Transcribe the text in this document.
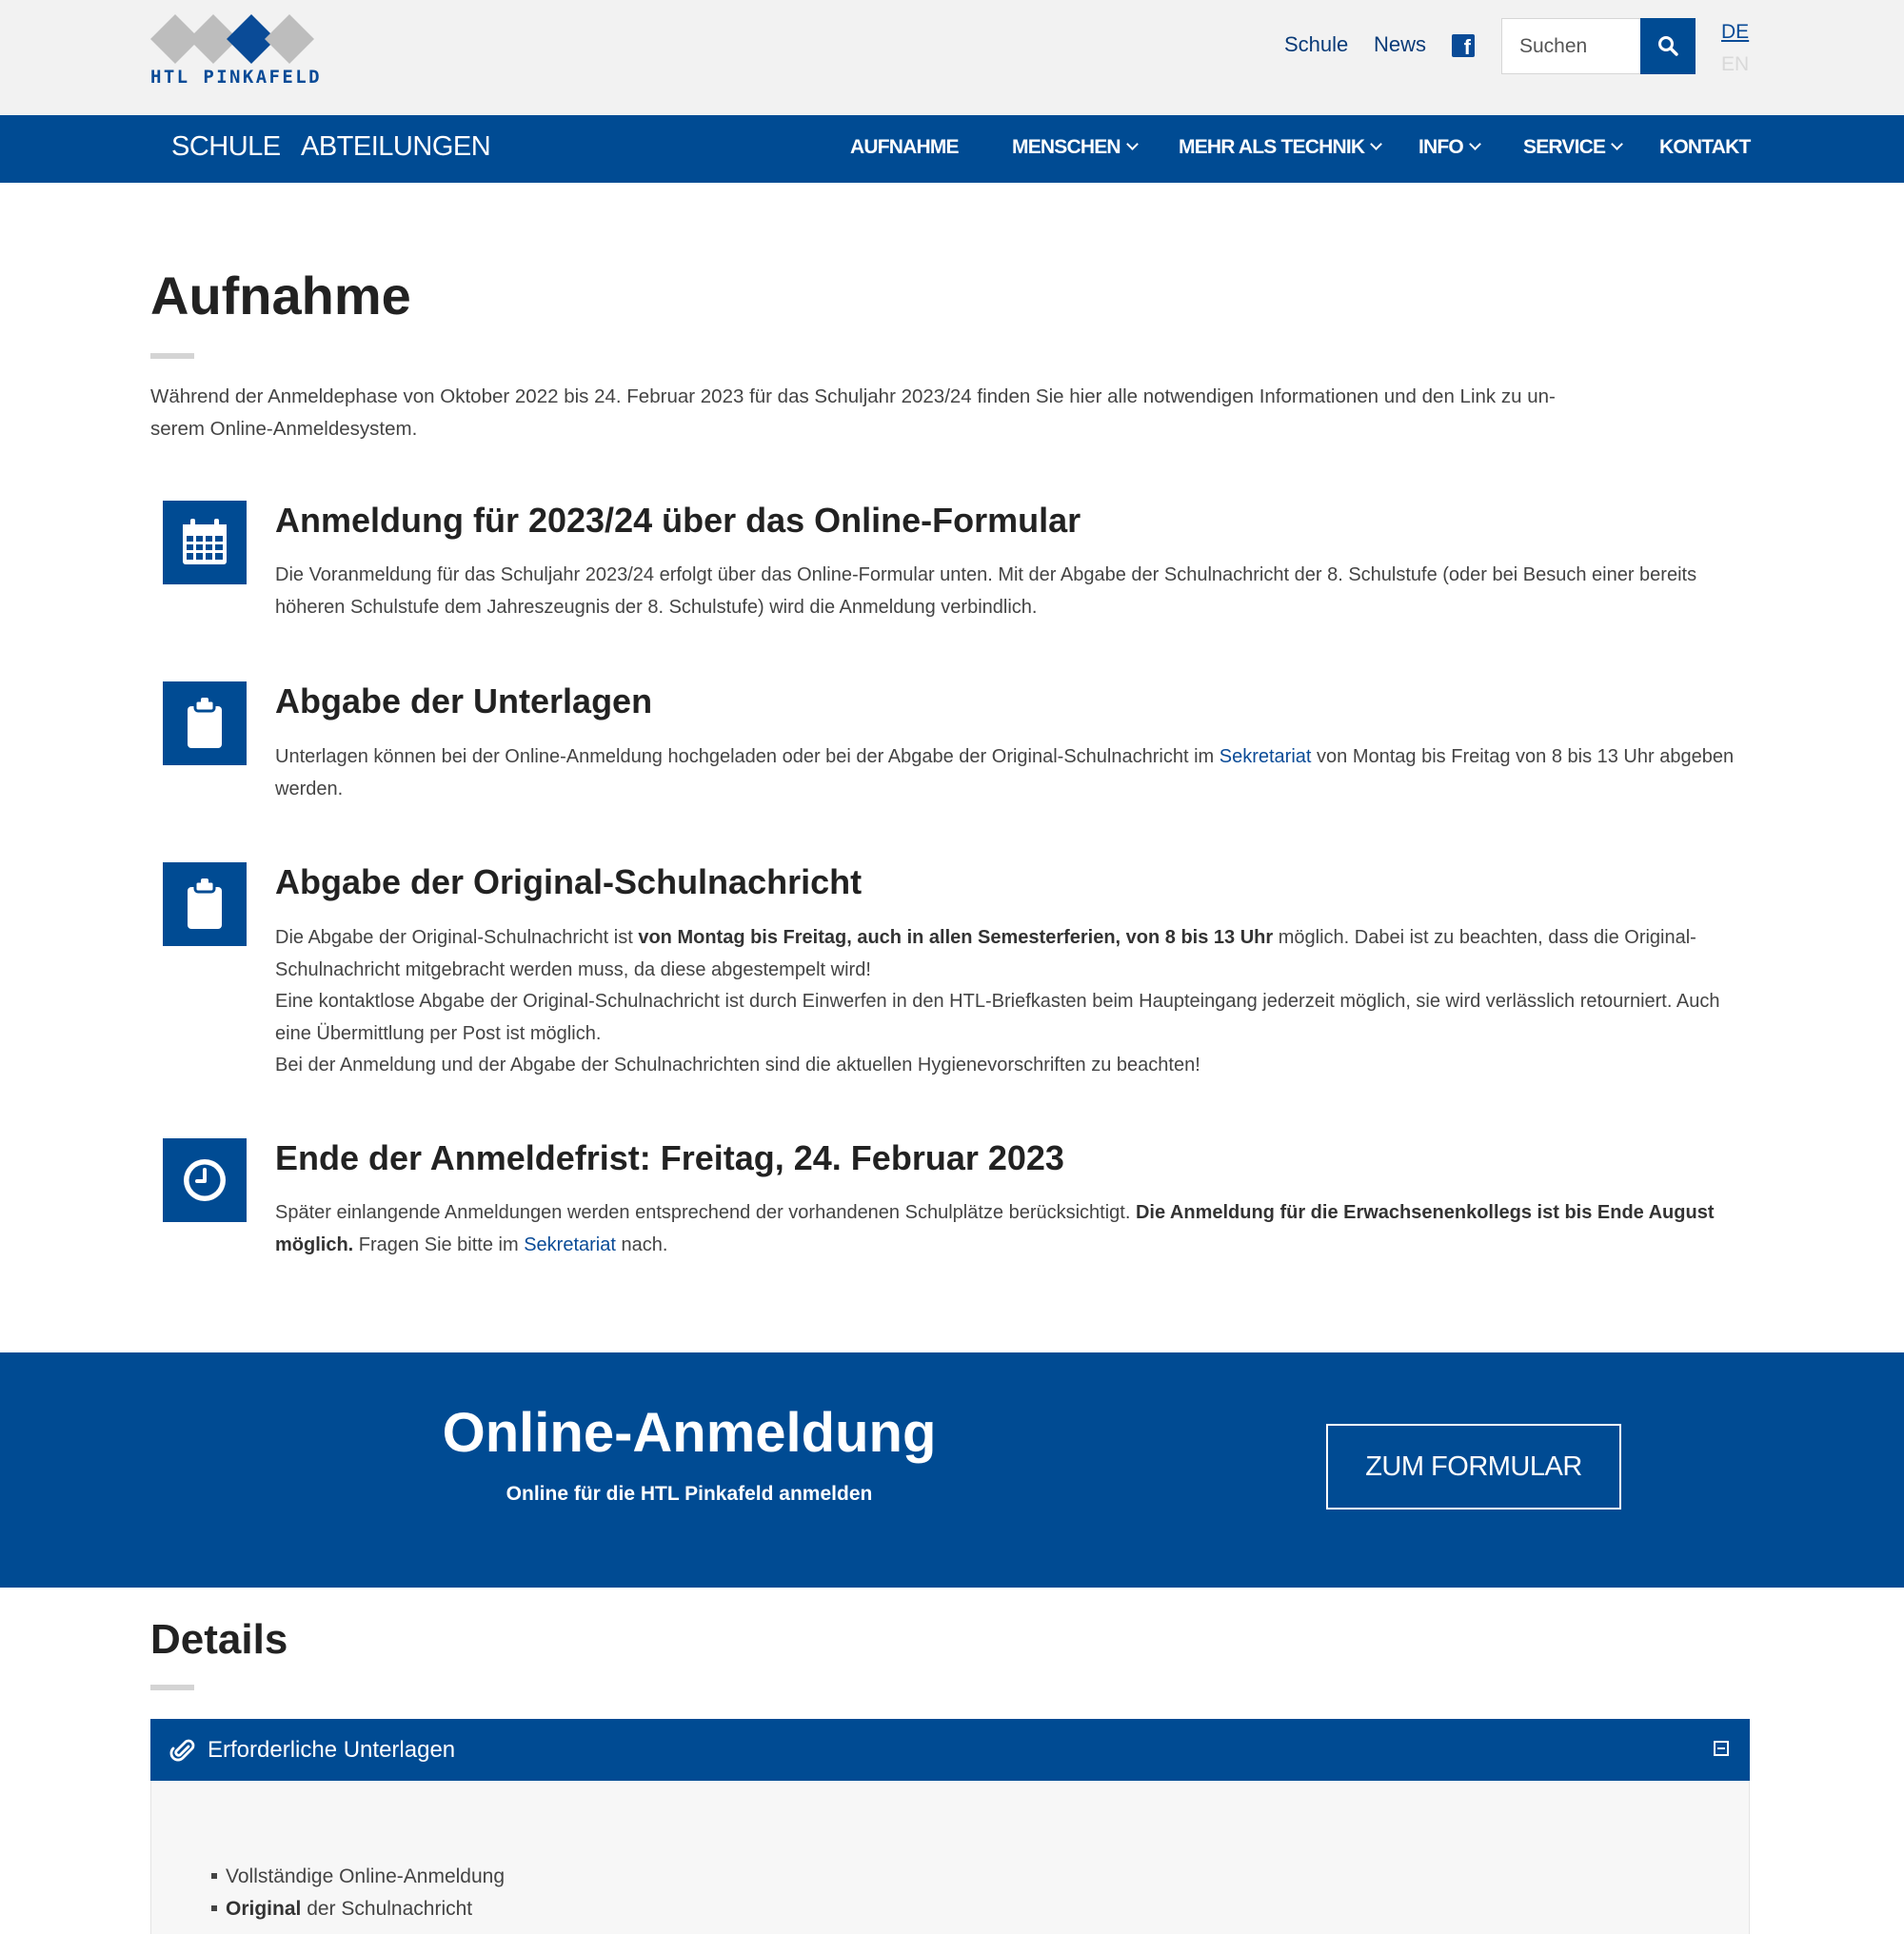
HTL PINKAFELD
Schule News	f
Suchen
DE
EN
SCHULE ABTEILUNGEN	AUFNAHME	MENSCHEN	MEHR ALS TECHNIK	INFO	SERVICE	KONTAKT
Aufnahme
Während der Anmeldephase von Oktober 2022 bis 24. Februar 2023 für das Schuljahr 2023/24 finden Sie hier alle notwendigen Informationen und den Link zu un-
serem Online-Anmeldesystem.
Anmeldung für 2023/24 über das Online-Formular

Die Voranmeldung für das Schuljahr 2023/24 erfolgt über das Online-Formular unten. Mit der Abgabe der Schulnachricht der 8. Schulstufe (oder bei Besuch einer bereits höheren Schulstufe dem Jahreszeugnis der 8. Schulstufe) wird die Anmeldung verbindlich.

Abgabe der Unterlagen

Unterlagen können bei der Online-Anmeldung hochgeladen oder bei der Abgabe der Original-Schulnachricht im Sekretariat von Montag bis Freitag von 8 bis 13 Uhr abgeben werden.

Abgabe der Original-Schulnachricht

Die Abgabe der Original-Schulnachricht ist von Montag bis Freitag, auch in allen Semesterferien, von 8 bis 13 Uhr möglich. Dabei ist zu beachten, dass die Original-Schulnachricht mitgebracht werden muss, da diese abgestempelt wird!

Eine kontaktlose Abgabe der Original-Schulnachricht ist durch Einwerfen in den HTL-Briefkasten beim Haupteingang jederzeit möglich, sie wird verlässlich retourniert. Auch eine Übermittlung per Post ist möglich.

Bei der Anmeldung und der Abgabe der Schulnachrichten sind die aktuellen Hygienevorschriften zu beachten!

Ende der Anmeldefrist: Freitag, 24. Februar 2023

Später einlangende Anmeldungen werden entsprechend der vorhandenen Schulplätze berücksichtigt. Die Anmeldung für die Erwachsenenkollegs ist bis Ende August möglich. Fragen Sie bitte im Sekretariat nach.

Online-Anmeldung
Online für die HTL Pinkafeld anmelden
ZUM FORMULAR
Details
Erforderliche Unterlagen
Vollständige Online-Anmeldung
Original der Schulnachricht
